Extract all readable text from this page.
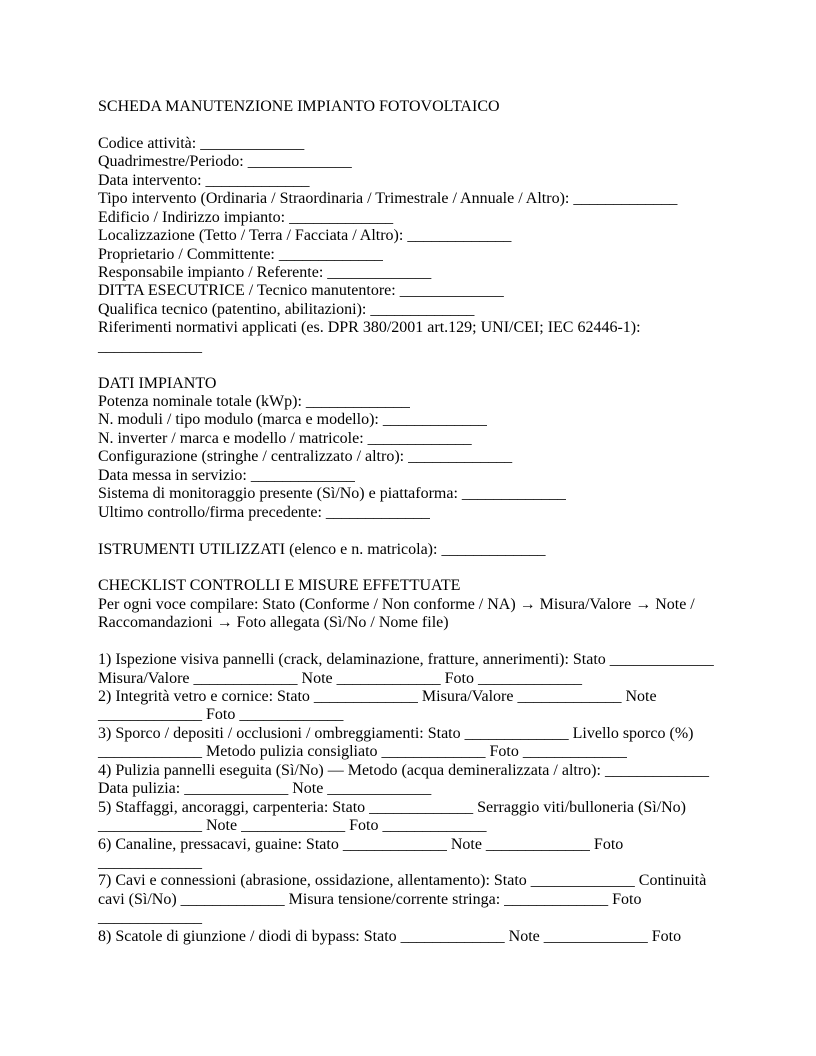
SCHEDA MANUTENZIONE IMPIANTO FOTOVOLTAICO
Codice attività: _____________
Quadrimestre/Periodo: _____________
Data intervento: _____________
Tipo intervento (Ordinaria / Straordinaria / Trimestrale / Annuale / Altro): _____________
Edificio / Indirizzo impianto: _____________
Localizzazione (Tetto / Terra / Facciata / Altro): _____________
Proprietario / Committente: _____________
Responsabile impianto / Referente: _____________
DITTA ESECUTRICE / Tecnico manutentore: _____________
Qualifica tecnico (patentino, abilitazioni): _____________
Riferimenti normativi applicati (es. DPR 380/2001 art.129; UNI/CEI; IEC 62446-1):
_____________
DATI IMPIANTO
Potenza nominale totale (kWp): _____________
N. moduli / tipo modulo (marca e modello): _____________
N. inverter / marca e modello / matricole: _____________
Configurazione (stringhe / centralizzato / altro): _____________
Data messa in servizio: _____________
Sistema di monitoraggio presente (Sì/No) e piattaforma: _____________
Ultimo controllo/firma precedente: _____________
ISTRUMENTI UTILIZZATI (elenco e n. matricola): _____________
CHECKLIST CONTROLLI E MISURE EFFETTUATE
Per ogni voce compilare: Stato (Conforme / Non conforme / NA) → Misura/Valore → Note /
Raccomandazioni → Foto allegata (Sì/No / Nome file)
1) Ispezione visiva pannelli (crack, delaminazione, fratture, annerimenti): Stato _____________
Misura/Valore _____________ Note _____________ Foto _____________
2) Integrità vetro e cornice: Stato _____________ Misura/Valore _____________ Note
_____________ Foto _____________
3) Sporco / depositi / occlusioni / ombreggiamenti: Stato _____________ Livello sporco (%)
_____________ Metodo pulizia consigliato _____________ Foto _____________
4) Pulizia pannelli eseguita (Sì/No) — Metodo (acqua demineralizzata / altro): _____________
Data pulizia: _____________ Note _____________
5) Staffaggi, ancoraggi, carpenteria: Stato _____________ Serraggio viti/bulloneria (Sì/No)
_____________ Note _____________ Foto _____________
6) Canaline, pressacavi, guaine: Stato _____________ Note _____________ Foto
_____________
7) Cavi e connessioni (abrasione, ossidazione, allentamento): Stato _____________ Continuità
cavi (Sì/No) _____________ Misura tensione/corrente stringa: _____________ Foto
_____________
8) Scatole di giunzione / diodi di bypass: Stato _____________ Note _____________ Foto
